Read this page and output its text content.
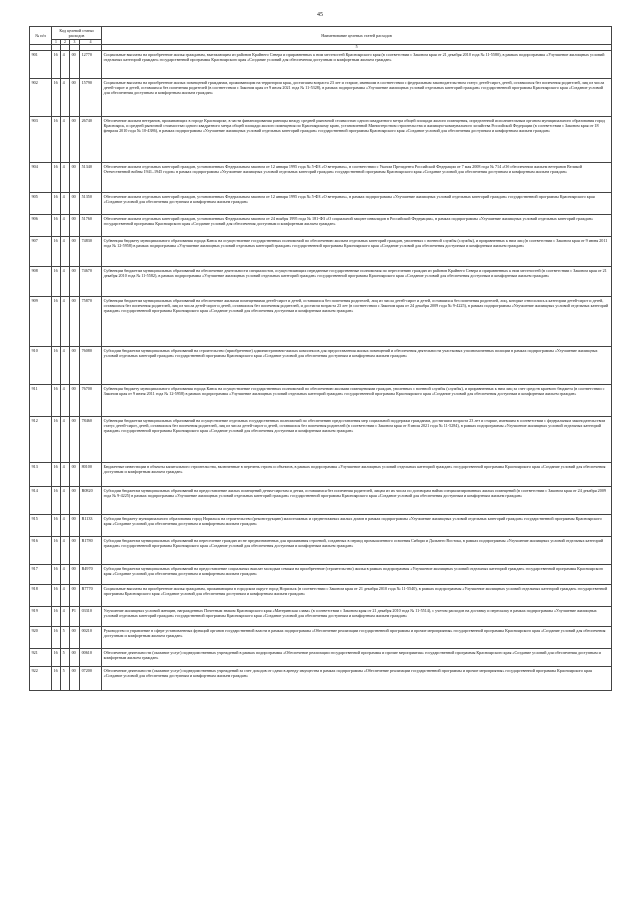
45
№ п/п	Код целевой статьи расходов				Наименование целевых статей расходов
	1	2	3	4	
					5
901	16	4	00	12770	Социальные выплаты на приобретение жилья гражданам, выезжающим из районов Крайнего Севера и приравненных к ним местностей Красноярского края (в соответствии с Законом края от 21 декабря 2010 года № 11-5580), в рамках подпрограммы «Улучшение жилищных условий отдельных категорий граждан» государственной программы Красноярского края «Создание условий для обеспечения доступным и комфортным жильем граждан»
902	16	4	00	15790	Социальные выплаты на приобретение жилых помещений гражданам, проживающим на территории края, достигшим возраста 23 лет и старше, имевшим в соответствии с федеральным законодательством статус детей-сирот, детей, оставшихся без попечения родителей, лиц из числа детей-сирот и детей, оставшихся без попечения родителей (в соответствии с Законом края от 9 июля 2021 года № 11-5328), в рамках подпрограммы «Улучшение жилищных условий отдельных категорий граждан» государственной программы Красноярского края «Создание условий для обеспечения доступным и комфортным жильем граждан»
903	16	4	00	26740	Обеспечение жильем ветеранов, проживающих в городе Красноярске, в части финансирования разницы между средней рыночной стоимостью одного квадратного метра общей площади жилого помещения, определенной исполнительным органом муниципального образования город Красноярск, и средней рыночной стоимостью одного квадратного метра общей площади жилого помещения по Красноярскому краю, установленной Министерством строительства и жилищно-коммунального хозяйства Российской Федерации (в соответствии с Законом края от 18 февраля 2010 года № 10-4386), в рамках подпрограммы «Улучшение жилищных условий отдельных категорий граждан» государственной программы Красноярского края «Создание условий для обеспечения доступным и комфортным жильем граждан»
904	16	4	00	51340	Обеспечение жильем отдельных категорий граждан, установленных Федеральным законом от 12 января 1995 года № 5-ФЗ «О ветеранах», в соответствии с Указом Президента Российской Федерации от 7 мая 2008 года № 714 «Об обеспечении жильем ветеранов Великой Отечественной войны 1941–1945 годов» в рамках подпрограммы «Улучшение жилищных условий отдельных категорий граждан» государственной программы Красноярского края «Создание условий для обеспечения доступным и комфортным жильем граждан»
905	16	4	00	51350	Обеспечение жильем отдельных категорий граждан, установленных Федеральным законом от 12 января 1995 года № 5-ФЗ «О ветеранах», в рамках подпрограммы «Улучшение жилищных условий отдельных категорий граждан» государственной программы Красноярского края «Создание условий для обеспечения доступным и комфортным жильем граждан»
906	16	4	00	51760	Обеспечение жильем отдельных категорий граждан, установленных Федеральным законом от 24 ноября 1995 года № 181-ФЗ «О социальной защите инвалидов в Российской Федерации», в рамках подпрограммы «Улучшение жилищных условий отдельных категорий граждан» государственной программы Красноярского края «Создание условий для обеспечения доступным и комфортным жильем граждан»
907	16	4	00	74830	Субвенция бюджету муниципального образования города Канск на осуществление государственных полномочий по обеспечению жильем отдельных категорий граждан, уволенных с военной службы (службы), и приравненных к ним лиц (в соответствии с Законом края от 9 июня 2011 года № 12-5958) в рамках подпрограммы «Улучшение жилищных условий отдельных категорий граждан» государственной программы Красноярского края «Создание условий для обеспечения доступным и комфортным жильем граждан»
908	16	4	00	74670	Субвенции бюджетам муниципальных образований на обеспечение деятельности специалистов, осуществляющих переданные государственные полномочия по переселению граждан из районов Крайнего Севера и приравненных к ним местностей (в соответствии с Законом края от 21 декабря 2010 года № 11-5582), в рамках подпрограммы «Улучшение жилищных условий отдельных категорий граждан» государственной программы Красноярского края «Создание условий для обеспечения доступным и комфортным жильем граждан»
909	16	4	00	75870	Субвенции бюджетам муниципальных образований на обеспечение жилыми помещениями детей-сирот и детей, оставшихся без попечения родителей, лиц из числа детей-сирот и детей, оставшихся без попечения родителей, лиц, которые относились к категории детей-сирот и детей, оставшихся без попечения родителей, лиц из числа детей-сирот и детей, оставшихся без попечения родителей, и достигли возраста 23 лет (в соответствии с Законом края от 24 декабря 2009 года № 9-4225), в рамках подпрограммы «Улучшение жилищных условий отдельных категорий граждан» государственной программы Красноярского края «Создание условий для обеспечения доступным и комфортным жильем граждан»
910	16	4	00	76080	Субсидии бюджетам муниципальных образований на строительство (приобретение) административно-жилых комплексов для предоставления жилых помещений и обеспечения деятельности участковых уполномоченных полиции в рамках подпрограммы «Улучшение жилищных условий отдельных категорий граждан» государственной программы Красноярского края «Создание условий для обеспечения доступным и комфортным жильем граждан»
911	16	4	00	76700	Субвенция бюджету муниципального образования города Канск на осуществление государственных полномочий по обеспечению жилыми помещениями граждан, уволенных с военной службы (службы), и приравненных к ним лиц за счет средств краевого бюджета (в соответствии с Законом края от 9 июня 2011 года № 12-5958) в рамках подпрограммы «Улучшение жилищных условий отдельных категорий граждан» государственной программы Красноярского края «Создание условий для обеспечения доступным и комфортным жильем граждан»
912	16	4	00	78460	Субвенции бюджетам муниципальных образований на осуществление отдельных государственных полномочий по обеспечению предоставления мер социальной поддержки гражданам, достигшим возраста 23 лет и старше, имевшим в соответствии с федеральным законодательством статус детей-сирот, детей, оставшихся без попечения родителей, лиц из числа детей-сирот и детей, оставшихся без попечения родителей (в соответствии с Законом края от 8 июля 2021 года № 11-5284), в рамках подпрограммы «Улучшение жилищных условий отдельных категорий граждан» государственной программы Красноярского края «Создание условий для обеспечения доступным и комфортным жильем граждан»
913	16	4	00	80100	Бюджетные инвестиции в объекты капитального строительства, включенные в перечень строек и объектов, в рамках подпрограммы «Улучшение жилищных условий отдельных категорий граждан» государственной программы Красноярского края «Создание условий для обеспечения доступным и комфортным жильем граждан»
914	16	4	00	R0820	Субсидии бюджетам муниципальных образований на предоставление жилых помещений детям-сиротам и детям, оставшимся без попечения родителей, лицам из их числа по договорам найма специализированных жилых помещений (в соответствии с Законом края от 24 декабря 2009 года № 9-4225) в рамках подпрограммы «Улучшение жилищных условий отдельных категорий граждан» государственной программы Красноярского края «Создание условий для обеспечения доступным и комфортным жильем граждан»
915	16	4	00	R1133	Субсидии бюджету муниципального образования город Норильск на строительство (реконструкцию) малоэтажных и среднеэтажных жилых домов в рамках подпрограммы «Улучшение жилищных условий отдельных категорий граждан» государственной программы Красноярского края «Создание условий для обеспечения доступным и комфортным жильем граждан»
916	16	4	00	R1780	Субсидии бюджетам муниципальных образований на переселение граждан из не предназначенных для проживания строений, созданных в период промышленного освоения Сибири и Дальнего Востока, в рамках подпрограммы «Улучшение жилищных условий отдельных категорий граждан» государственной программы Красноярского края «Создание условий для обеспечения доступным и комфортным жильем граждан»
917	16	4	00	R4970	Субсидии бюджетам муниципальных образований на предоставление социальных выплат молодым семьям на приобретение (строительство) жилья в рамках подпрограммы «Улучшение жилищных условий отдельных категорий граждан» государственной программы Красноярского края «Создание условий для обеспечения доступным и комфортным жильем граждан»
918	16	4	00	R7770	Социальные выплаты на приобретение жилья гражданам, проживающим в городском округе город Норильск (в соответствии с Законом края от 21 декабря 2010 года № 11-5540), в рамках подпрограммы «Улучшение жилищных условий отдельных категорий граждан» государственной программы Красноярского края «Создание условий для обеспечения доступным и комфортным жильем граждан»
919	16	4	P1	03310	Улучшение жилищных условий женщин, награжденных Почетным знаком Красноярского края «Материнская слава» (в соответствии с Законом края от 21 декабря 2010 года № 11-5514), с учетом расходов на доставку и пересылку в рамках подпрограммы «Улучшение жилищных условий отдельных категорий граждан» государственной программы Красноярского края «Создание условий для обеспечения доступным и комфортным жильем граждан»
920	16	5	00	00210	Руководство и управление в сфере установленных функций органов государственной власти в рамках подпрограммы «Обеспечение реализации государственной программы и прочие мероприятия» государственной программы Красноярского края «Создание условий для обеспечения доступным и комфортным жильем граждан»
921	16	5	00	00610	Обеспечение деятельности (оказание услуг) подведомственных учреждений в рамках подпрограммы «Обеспечение реализации государственной программы и прочие мероприятия» государственной программы Красноярского края «Создание условий для обеспечения доступным и комфортным жильем граждан»
922	16	5	00	07200	Обеспечение деятельности (оказание услуг) подведомственных учреждений за счет доходов от сдачи в аренду имущества в рамках подпрограммы «Обеспечение реализации государственной программы и прочие мероприятия» государственной программы Красноярского края «Создание условий для обеспечения доступным и комфортным жильем граждан»
